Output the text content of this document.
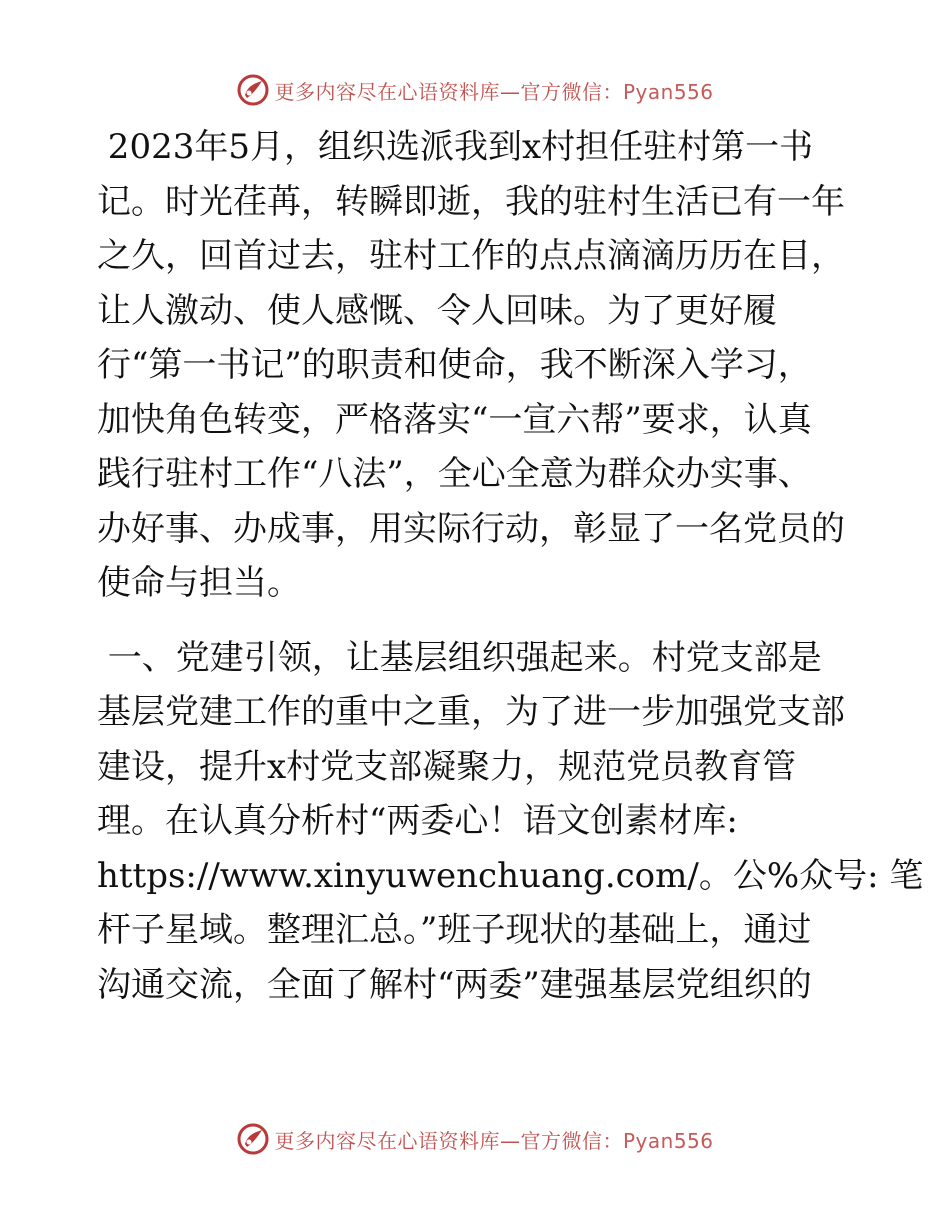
更多内容尽在心语资料库—官方微信：Pyan556

2023年5月，组织选派我到x村担任驻村第一书

记。时光荏苒，转瞬即逝，我的驻村生活已有一年

之久，回首过去，驻村工作的点点滴滴历历在目，

让人激动、使人感慨、令人回味。为了更好履

行“第一书记”的职责和使命，我不断深入学习，

加快角色转变，严格落实“一宣六帮”要求，认真

践行驻村工作“八法”，全心全意为群众办实事、

办好事、办成事，用实际行动，彰显了一名党员的

使命与担当。

一、党建引领，让基层组织强起来。村党支部是

基层党建工作的重中之重，为了进一步加强党支部

建设，提升x村党支部凝聚力，规范党员教育管

理。在认真分析村“两委心！语文创素材库:

https://www.xinyuwenchuang.com/。公%众号: 笔

杆子星域。整理汇总。”班子现状的基础上，通过

沟通交流，全面了解村“两委”建强基层党组织的

更多内容尽在心语资料库—官方微信：Pyan556
